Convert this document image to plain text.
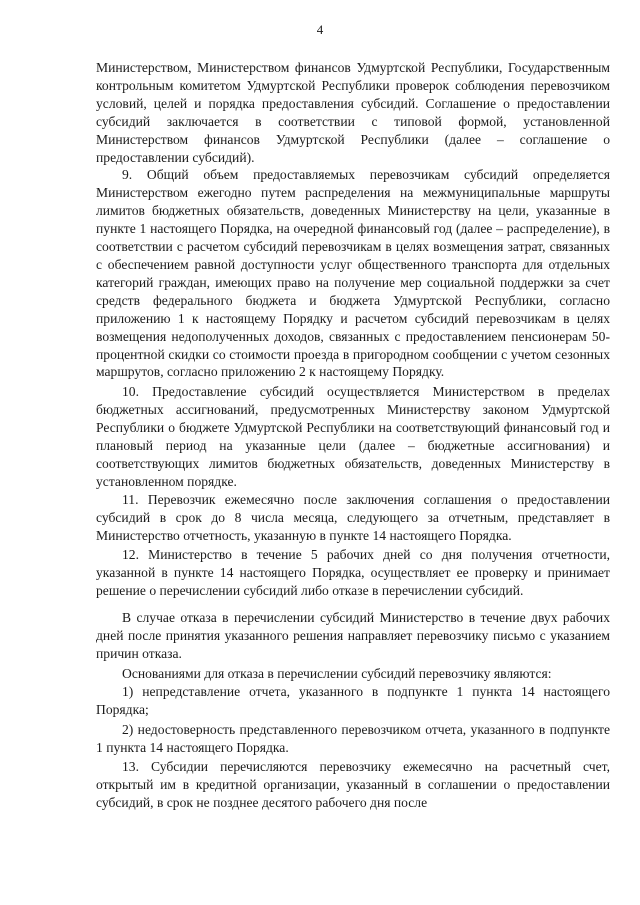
4

Министерством, Министерством финансов Удмуртской Республики, Государственным контрольным комитетом Удмуртской Республики проверок соблюдения перевозчиком условий, целей и порядка предоставления субсидий. Соглашение о предоставлении субсидий заключается в соответствии с типовой формой, установленной Министерством финансов Удмуртской Республики (далее – соглашение о предоставлении субсидий).

9. Общий объем предоставляемых перевозчикам субсидий определяется Министерством ежегодно путем распределения на межмуниципальные маршруты лимитов бюджетных обязательств, доведенных Министерству на цели, указанные в пункте 1 настоящего Порядка, на очередной финансовый год (далее – распределение), в соответствии с расчетом субсидий перевозчикам в целях возмещения затрат, связанных с обеспечением равной доступности услуг общественного транспорта для отдельных категорий граждан, имеющих право на получение мер социальной поддержки за счет средств федерального бюджета и бюджета Удмуртской Республики, согласно приложению 1 к настоящему Порядку и расчетом субсидий перевозчикам в целях возмещения недополученных доходов, связанных с предоставлением пенсионерам 50-процентной скидки со стоимости проезда в пригородном сообщении с учетом сезонных маршрутов, согласно приложению 2 к настоящему Порядку.

10. Предоставление субсидий осуществляется Министерством в пределах бюджетных ассигнований, предусмотренных Министерству законом Удмуртской Республики о бюджете Удмуртской Республики на соответствующий финансовый год и плановый период на указанные цели (далее – бюджетные ассигнования) и соответствующих лимитов бюджетных обязательств, доведенных Министерству в установленном порядке.

11. Перевозчик ежемесячно после заключения соглашения о предоставлении субсидий в срок до 8 числа месяца, следующего за отчетным, представляет в Министерство отчетность, указанную в пункте 14 настоящего Порядка.

12. Министерство в течение 5 рабочих дней со дня получения отчетности, указанной в пункте 14 настоящего Порядка, осуществляет ее проверку и принимает решение о перечислении субсидий либо отказе в перечислении субсидий.

В случае отказа в перечислении субсидий Министерство в течение двух рабочих дней после принятия указанного решения направляет перевозчику письмо с указанием причин отказа.

Основаниями для отказа в перечислении субсидий перевозчику являются:

1) непредставление отчета, указанного в подпункте 1 пункта 14 настоящего Порядка;

2) недостоверность представленного перевозчиком отчета, указанного в подпункте 1 пункта 14 настоящего Порядка.

13. Субсидии перечисляются перевозчику ежемесячно на расчетный счет, открытый им в кредитной организации, указанный в соглашении о предоставлении субсидий, в срок не позднее десятого рабочего дня после
